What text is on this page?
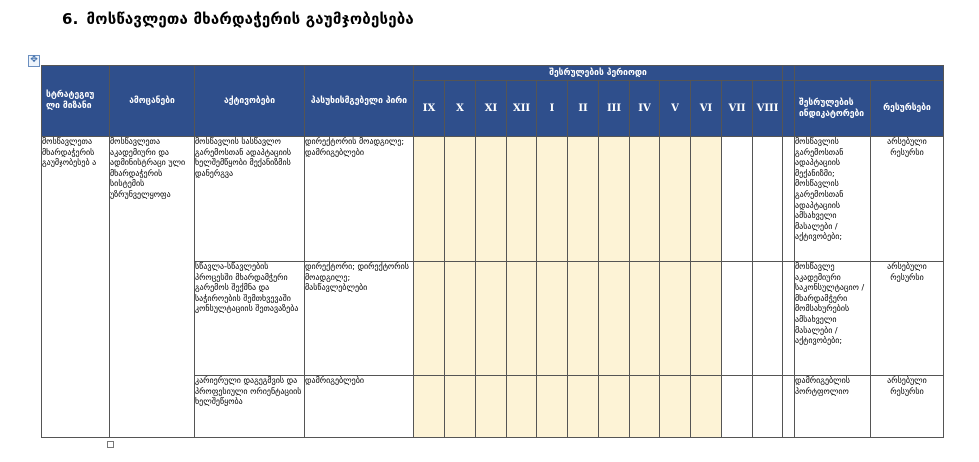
6. მოსწავლეთა მხარდაჭერის გაუმჯობესება
✥
სტრატეგიუ ლი მიზანი	ამოცანები	აქტივობები	პასუხისმგებელი პირი	შესრულების პერიოდი														
				IX	X	XI	XII	I	II	III	IV	V	VI	VII	VIII		შესრულების ინდიკატორები	რესურსები
მოსწავლეთა მხარდაჭერის გაუმჯობესებ ა	მოსწავლეთა აკადემიური და ადმინისტრაცი ული მხარდაჭერის სისტემის უზრუნველყოფა	მოსწავლის სასწავლო გარემოსთან ადაპტაციის ხელშემწყობი მექანიზმის დანერგვა	დირექტორის მოადგილე; დამრიგებლები														მოსწავლის გარემოსთან ადაპტაციის მექანიზმი; მოსწავლის გარემოსთან ადაპტაციის ამსახველი მასალები / აქტივობები;	არსებული რესურსი
		სწავლა-სწავლების პროცესში მხარდამჭერი გარემოს შექმნა და საჭიროების შემთხვევაში კონსულტაციის შეთავაზება	დირექტორი; დირექტორის მოადგილე; მასწავლებლები														მოსწავლე აკადემიური საკონსულტაციო / მხარდამჭერი მომსახურების ამსახველი მასალები / აქტივობები;	არსებული რესურსი
		კარიერული დაგეგმვის და პროფესიული ორიენტაციის ხელშეწყობა	დამრიგებლები														დამრიგებლის პორტფოლიო	არსებული რესურსი
